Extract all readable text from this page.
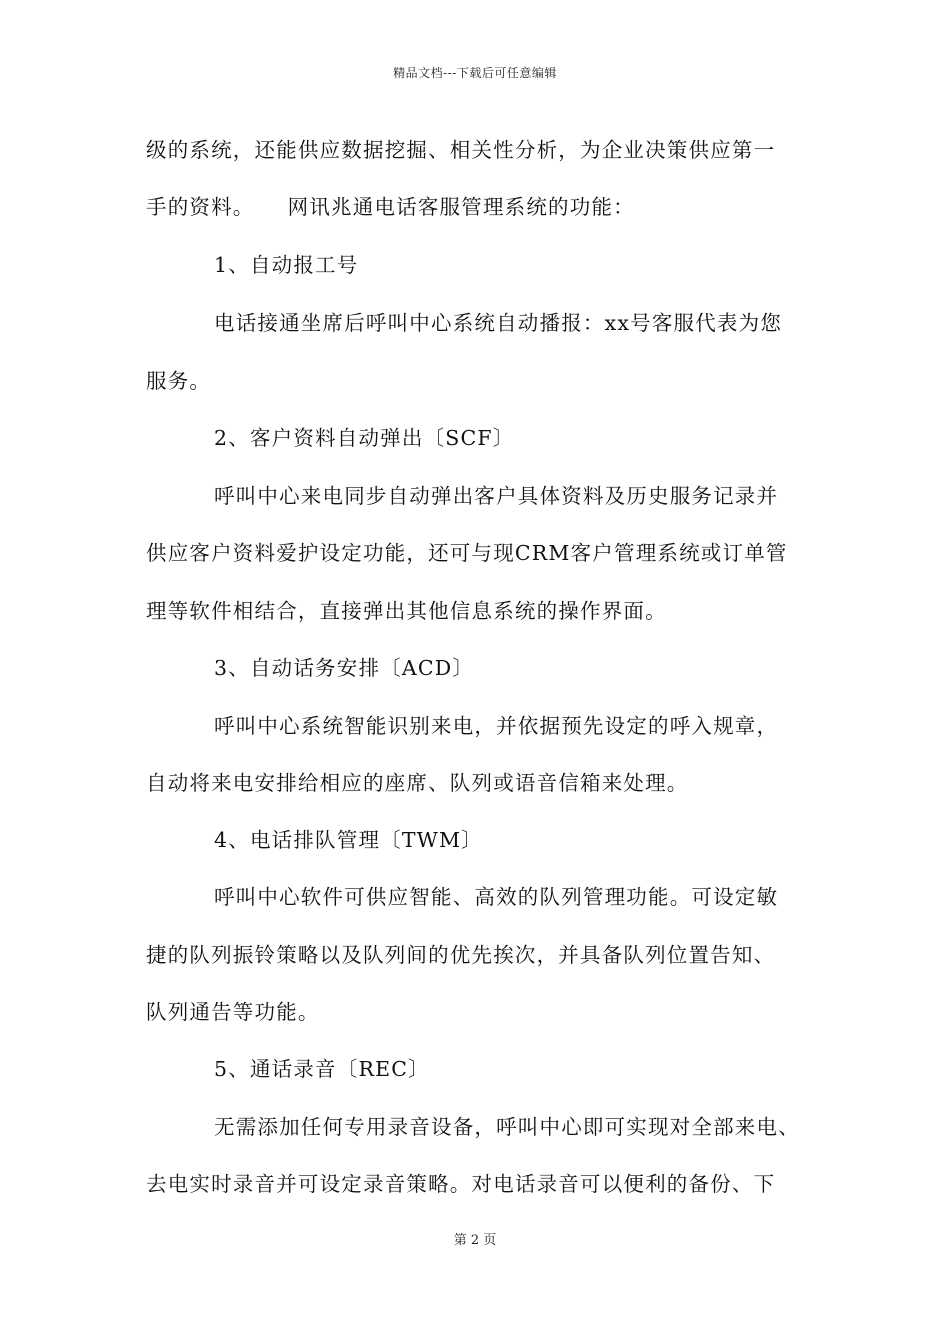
精品文档---下载后可任意编辑
级的系统，还能供应数据挖掘、相关性分析，为企业决策供应第一
手的资料。　　网讯兆通电话客服管理系统的功能：
1、自动报工号
电话接通坐席后呼叫中心系统自动播报：xx号客服代表为您
服务。
2、客户资料自动弹出〔SCF〕
呼叫中心来电同步自动弹出客户具体资料及历史服务记录并
供应客户资料爱护设定功能，还可与现CRM客户管理系统或订单管
理等软件相结合，直接弹出其他信息系统的操作界面。
3、自动话务安排〔ACD〕
呼叫中心系统智能识别来电，并依据预先设定的呼入规章，
自动将来电安排给相应的座席、队列或语音信箱来处理。
4、电话排队管理〔TWM〕
呼叫中心软件可供应智能、高效的队列管理功能。可设定敏
捷的队列振铃策略以及队列间的优先挨次，并具备队列位置告知、
队列通告等功能。
5、通话录音〔REC〕
无需添加任何专用录音设备，呼叫中心即可实现对全部来电、
去电实时录音并可设定录音策略。对电话录音可以便利的备份、下
第 2 页
